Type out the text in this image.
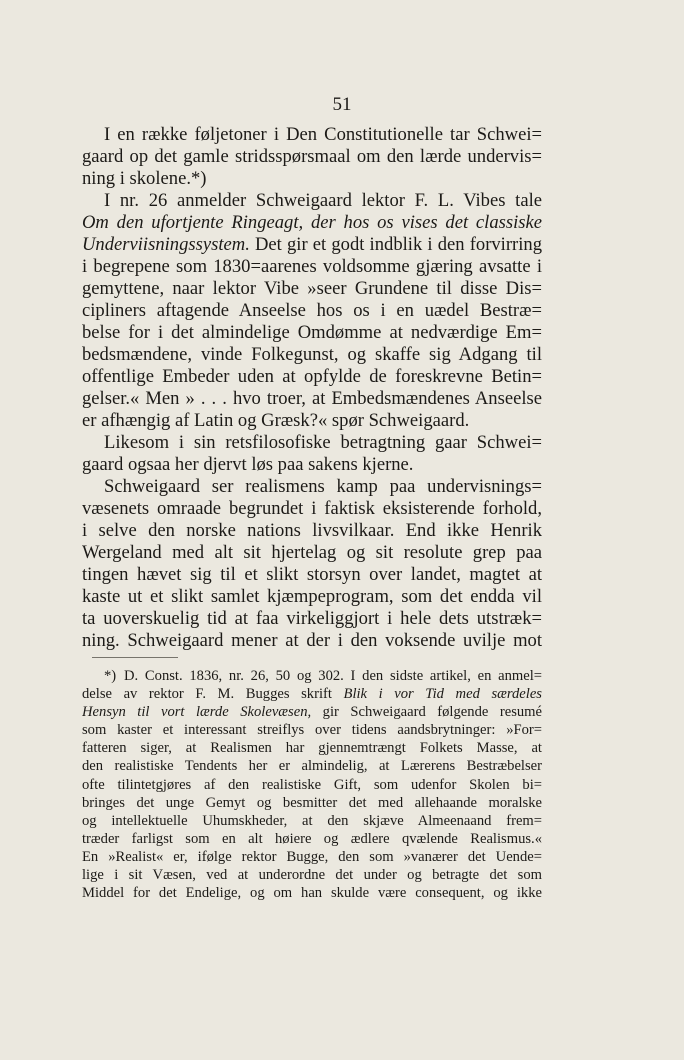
51
I en række føljetoner i Den Constitutionelle tar Schwei=
gaard op det gamle stridsspørsmaal om den lærde undervis=
ning i skolene.*)
I nr. 26 anmelder Schweigaard lektor F. L. Vibes tale
Om den ufortjente Ringeagt, der hos os vises det classiske
Underviisningssystem. Det gir et godt indblik i den forvirring
i begrepene som 1830=aarenes voldsomme gjæring avsatte i
gemyttene, naar lektor Vibe »seer Grundene til disse Dis=
cipliners aftagende Anseelse hos os i en uædel Bestræ=
belse for i det almindelige Omdømme at nedværdige Em=
bedsmændene, vinde Folkegunst, og skaffe sig Adgang til
offentlige Embeder uden at opfylde de foreskrevne Betin=
gelser.« Men » . . . hvo troer, at Embedsmændenes Anseelse
er afhængig af Latin og Græsk?« spør Schweigaard.
Likesom i sin retsfilosofiske betragtning gaar Schwei=
gaard ogsaa her djervt løs paa sakens kjerne.
Schweigaard ser realismens kamp paa undervisnings=
væsenets omraade begrundet i faktisk eksisterende forhold,
i selve den norske nations livsvilkaar. End ikke Henrik
Wergeland med alt sit hjertelag og sit resolute grep paa
tingen hævet sig til et slikt storsyn over landet, magtet at
kaste ut et slikt samlet kjæmpeprogram, som det endda vil
ta uoverskuelig tid at faa virkeliggjort i hele dets utstræk=
ning. Schweigaard mener at der i den voksende uvilje mot
*) D. Const. 1836, nr. 26, 50 og 302. I den sidste artikel, en anmel=
delse av rektor F. M. Bugges skrift Blik i vor Tid med særdeles
Hensyn til vort lærde Skolevæsen, gir Schweigaard følgende resumé
som kaster et interessant streiflys over tidens aandsbrytninger: »For=
fatteren siger, at Realismen har gjennemtrængt Folkets Masse, at
den realistiske Tendents her er almindelig, at Lærerens Bestræbelser
ofte tilintetgjøres af den realistiske Gift, som udenfor Skolen bi=
bringes det unge Gemyt og besmitter det med allehaande moralske
og intellektuelle Uhumskheder, at den skjæve Almeenaand frem=
træder farligst som en alt høiere og ædlere qvælende Realismus.«
En »Realist« er, ifølge rektor Bugge, den som »vanærer det Uende=
lige i sit Væsen, ved at underordne det under og betragte det som
Middel for det Endelige, og om han skulde være consequent, og ikke
